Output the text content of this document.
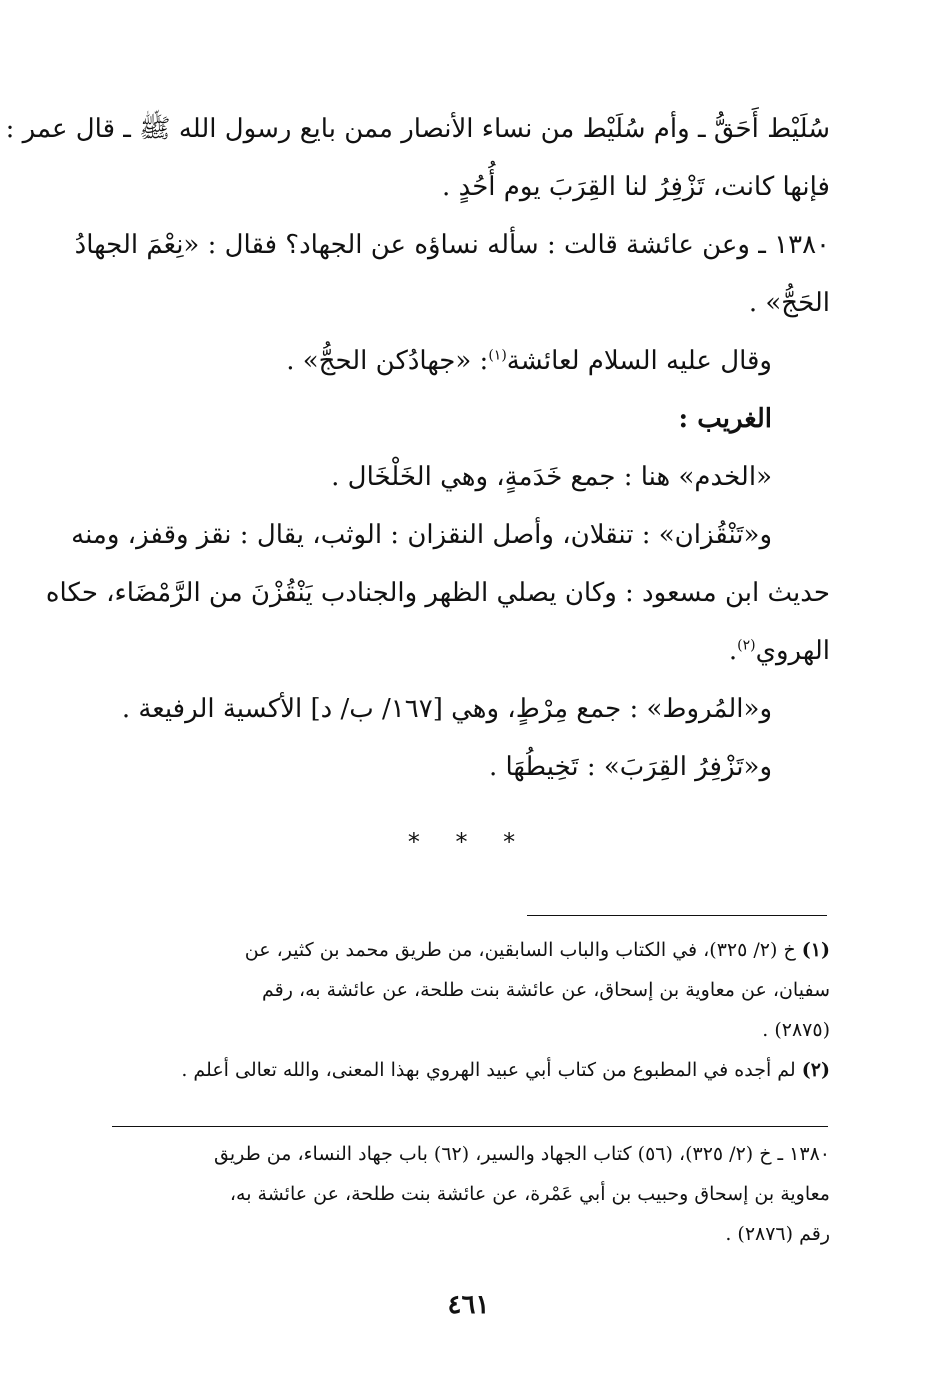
سُلَيْط أَحَقُّ ـ وأم سُلَيْط من نساء الأنصار ممن بايع رسول الله ﷺ ـ قال عمر :
فإنها كانت، تَزْفِرُ لنا القِرَبَ يوم أُحُدٍ .
١٣٨٠ ـ وعن عائشة قالت : سأله نساؤه عن الجهاد؟ فقال : «نِعْمَ الجهادُ
الحَجُّ» .
وقال عليه السلام لعائشة$^{(١)}$: «جهادُكن الحجُّ» .
الغريب :
«الخدم» هنا : جمع خَدَمةٍ، وهي الخَلْخَال .
و«تَنْقُزان» : تنقلان، وأصل النقزان : الوثب، يقال : نقز وقفز، ومنه
حديث ابن مسعود : وكان يصلي الظهر والجنادب يَنْقُزْنَ من الرَّمْضَاء، حكاه
الهروي$^{(٢)}$.
و«المُروط» : جمع مِرْطٍ، وهي [١٦٧/ ب/ د] الأكسية الرفيعة .
و«تَزْفِرُ القِرَبَ» : تَخِيطُهَا .
* * *
(١) خ (٢/ ٣٢٥)، في الكتاب والباب السابقين، من طريق محمد بن كثير، عن
سفيان، عن معاوية بن إسحاق، عن عائشة بنت طلحة، عن عائشة به، رقم
(٢٨٧٥) .
(٢) لم أجده في المطبوع من كتاب أبي عبيد الهروي بهذا المعنى، والله تعالى أعلم .
١٣٨٠ ـ خ (٢/ ٣٢٥)، (٥٦) كتاب الجهاد والسير، (٦٢) باب جهاد النساء، من طريق
معاوية بن إسحاق وحبيب بن أبي عَمْرة، عن عائشة بنت طلحة، عن عائشة به،
رقم (٢٨٧٦) .
٤٦١
